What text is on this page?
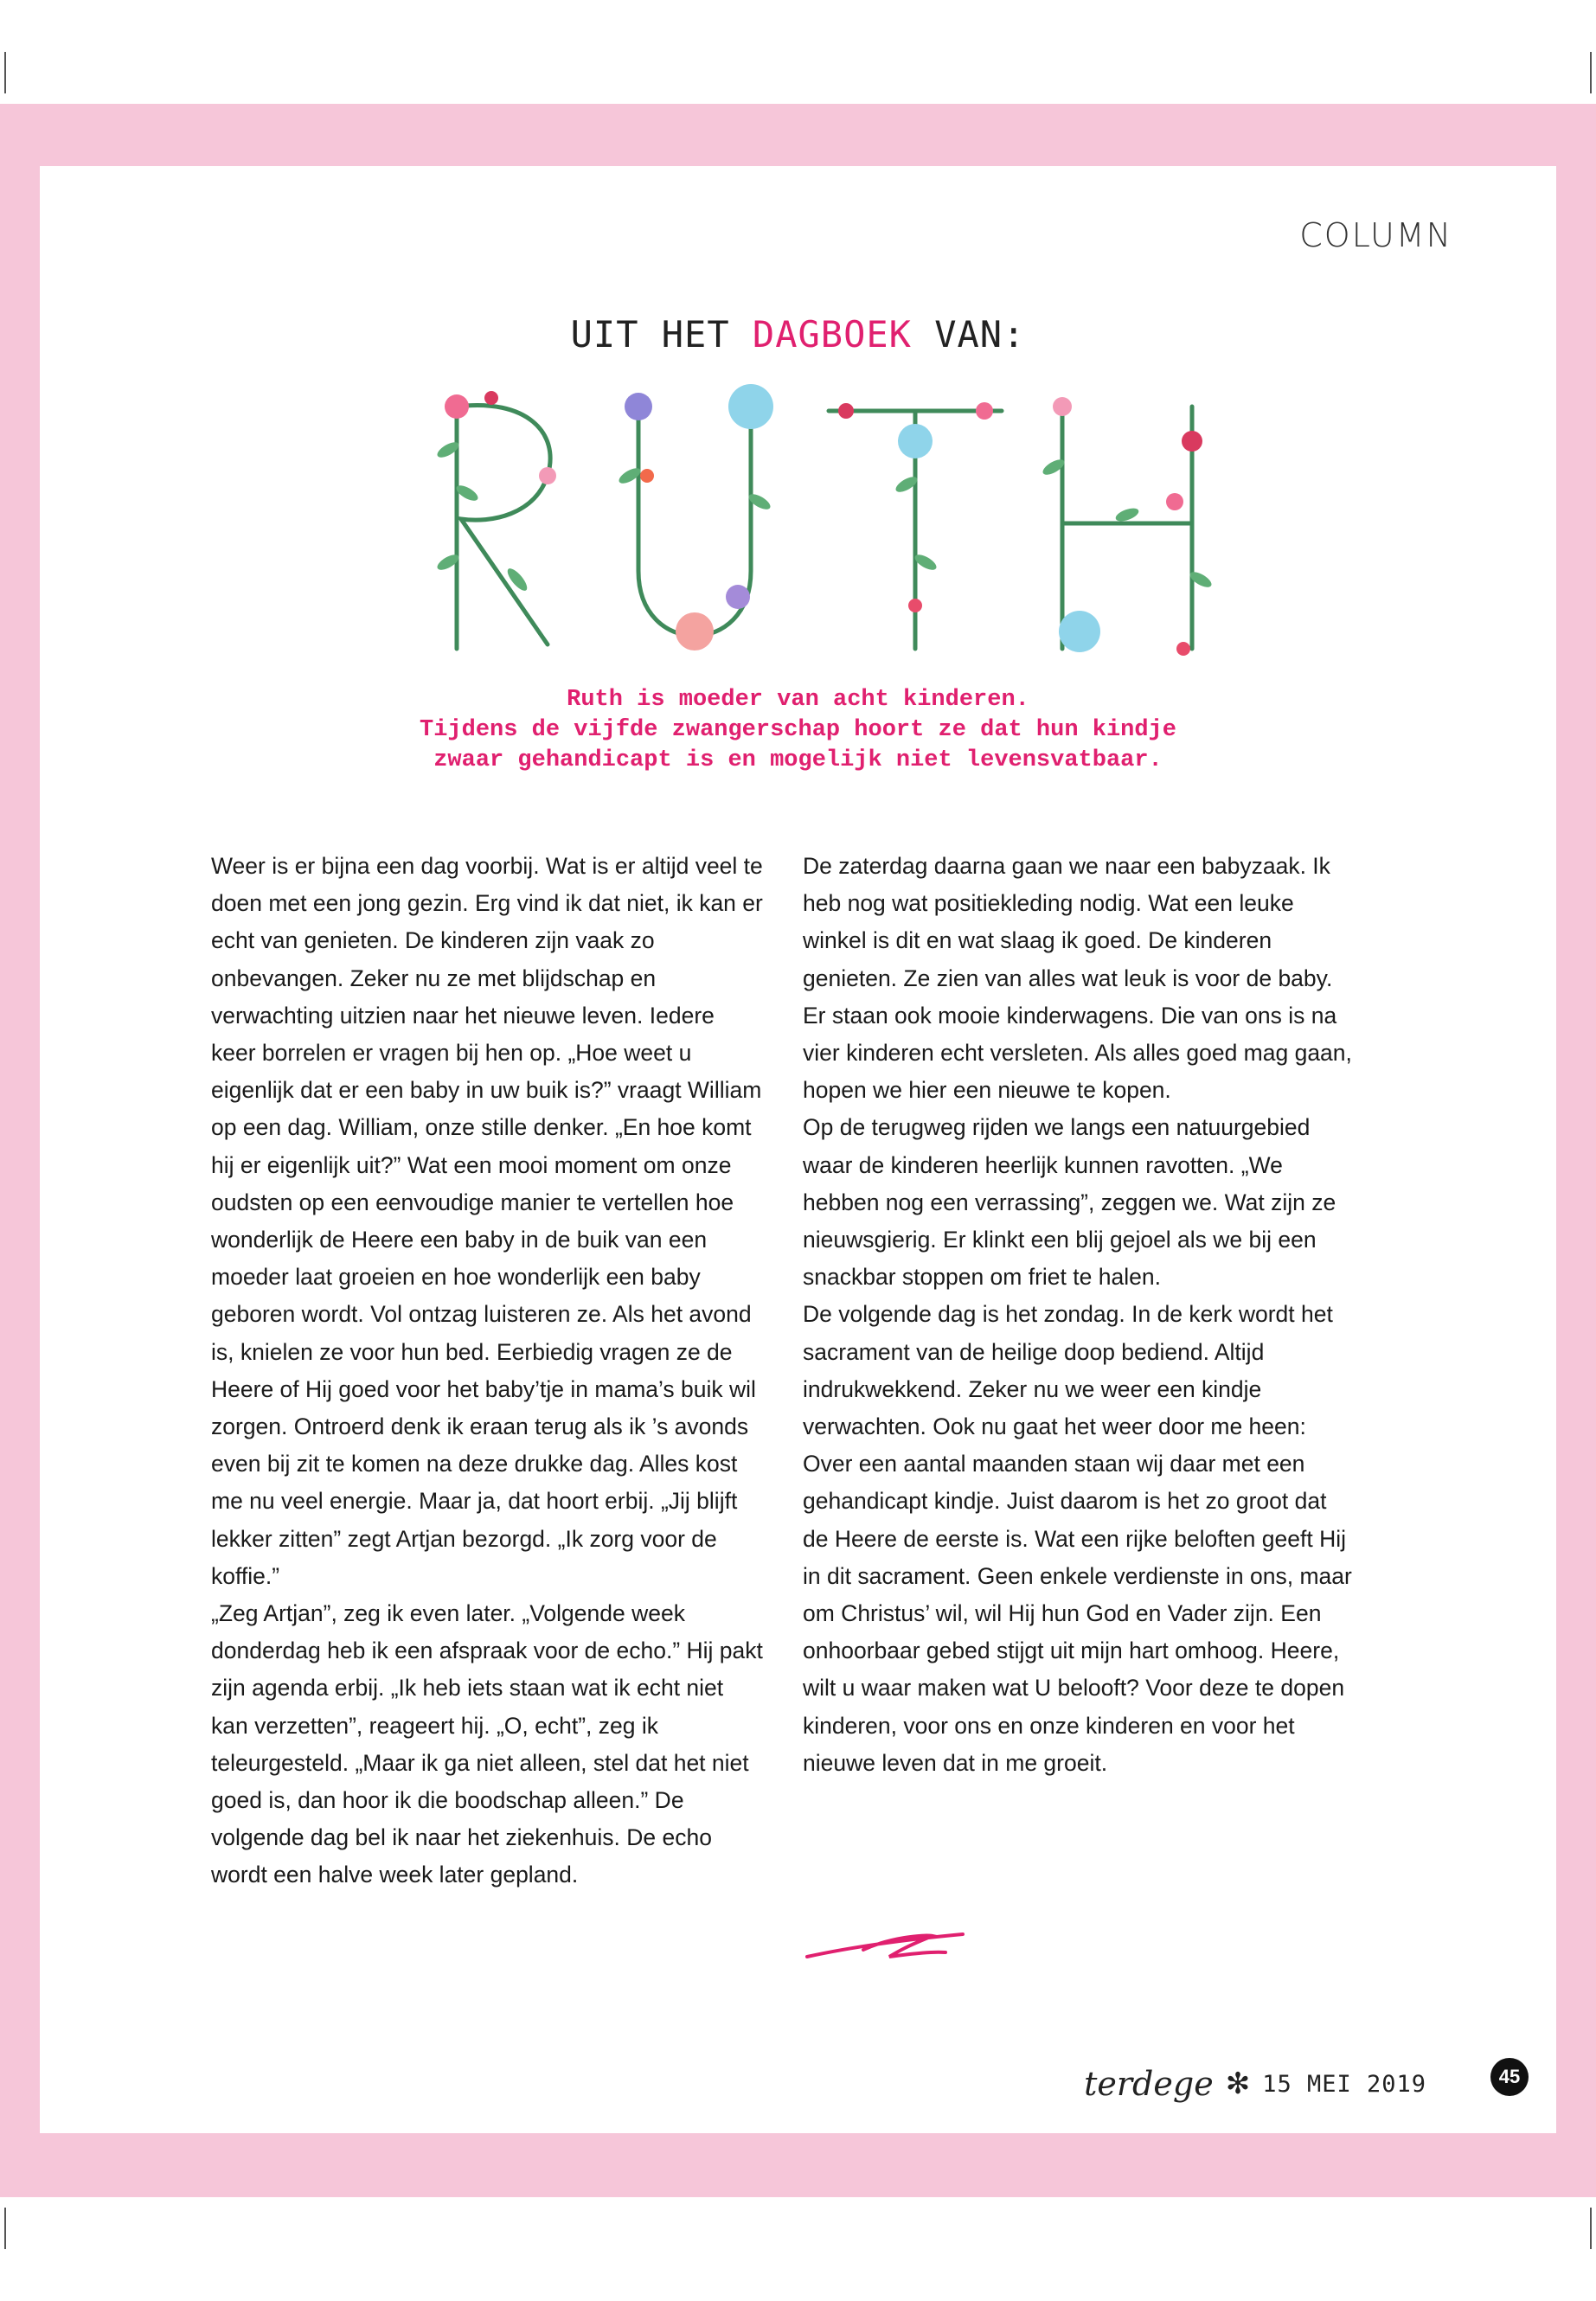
COLUMN
UIT HET DAGBOEK VAN:

Ruth is moeder van acht kinderen.

Tijdens de vijfde zwangerschap hoort ze dat hun kindje

zwaar gehandicapt is en mogelijk niet levensvatbaar.

Weer is er bijna een dag voorbij. Wat is er altijd veel te doen met een jong gezin. Erg vind ik dat niet, ik kan er echt van genieten. De kinderen zijn vaak zo onbevangen. Zeker nu ze met blijdschap en verwachting uitzien naar het nieuwe leven. Iedere keer borrelen er vragen bij hen op. „Hoe weet u eigenlijk dat er een baby in uw buik is?” vraagt William op een dag. William, onze stille denker. „En hoe komt hij er eigenlijk uit?” Wat een mooi moment om onze oudsten op een eenvoudige manier te vertellen hoe wonderlijk de Heere een baby in de buik van een moeder laat groeien en hoe wonderlijk een baby geboren wordt. Vol ontzag luisteren ze. Als het avond is, knielen ze voor hun bed. Eerbiedig vragen ze de Heere of Hij goed voor het baby’tje in mama’s buik wil zorgen. Ontroerd denk ik eraan terug als ik ’s avonds even bij zit te komen na deze drukke dag. Alles kost me nu veel energie. Maar ja, dat hoort erbij. „Jij blijft lekker zitten” zegt Artjan bezorgd. „Ik zorg voor de koffie.”

„Zeg Artjan”, zeg ik even later. „Volgende week donderdag heb ik een afspraak voor de echo.” Hij pakt zijn agenda erbij. „Ik heb iets staan wat ik echt niet kan verzetten”, reageert hij. „O, echt”, zeg ik teleurgesteld. „Maar ik ga niet alleen, stel dat het niet goed is, dan hoor ik die boodschap alleen.” De volgende dag bel ik naar het ziekenhuis. De echo wordt een halve week later gepland.

De zaterdag daarna gaan we naar een babyzaak. Ik heb nog wat positiekleding nodig. Wat een leuke winkel is dit en wat slaag ik goed. De kinderen genieten. Ze zien van alles wat leuk is voor de baby. Er staan ook mooie kinderwagens. Die van ons is na vier kinderen echt versleten. Als alles goed mag gaan, hopen we hier een nieuwe te kopen.

Op de terugweg rijden we langs een natuurgebied waar de kinderen heerlijk kunnen ravotten. „We hebben nog een verrassing”, zeggen we. Wat zijn ze nieuwsgierig. Er klinkt een blij gejoel als we bij een snackbar stoppen om friet te halen.

De volgende dag is het zondag. In de kerk wordt het sacrament van de heilige doop bediend. Altijd indrukwekkend. Zeker nu we weer een kindje verwachten. Ook nu gaat het weer door me heen: Over een aantal maanden staan wij daar met een gehandicapt kindje. Juist daarom is het zo groot dat de Heere de eerste is. Wat een rijke beloften geeft Hij in dit sacrament. Geen enkele verdienste in ons, maar om Christus’ wil, wil Hij hun God en Vader zijn. Een onhoorbaar gebed stijgt uit mijn hart omhoog. Heere, wilt u waar maken wat U belooft? Voor deze te dopen kinderen, voor ons en onze kinderen en voor het nieuwe leven dat in me groeit.

terdege ✻ 15 MEI 2019	45
